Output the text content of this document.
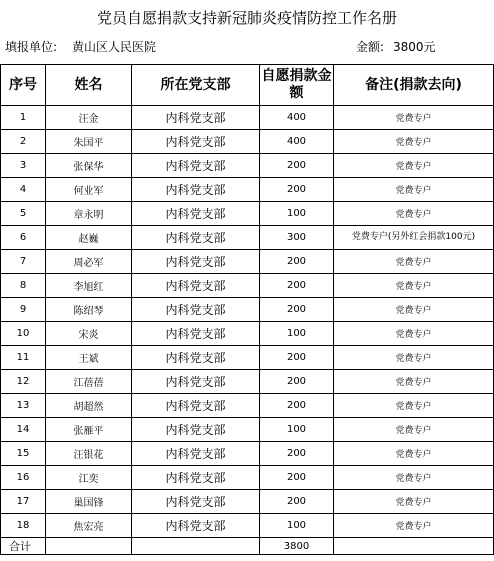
党员自愿捐款支持新冠肺炎疫情防控工作名册
填报单位: 黄山区人民医院	金额: 3800元
序号	姓名	所在党支部	自愿捐款金额	备注(捐款去向)
1	汪金	内科党支部	400	党费专户
2	朱国平	内科党支部	400	党费专户
3	张保华	内科党支部	200	党费专户
4	何业军	内科党支部	200	党费专户
5	章永明	内科党支部	100	党费专户
6	赵巍	内科党支部	300	党费专户(另外红会捐款100元)
7	周必军	内科党支部	200	党费专户
8	李旭红	内科党支部	200	党费专户
9	陈绍琴	内科党支部	200	党费专户
10	宋炎	内科党支部	100	党费专户
11	王斌	内科党支部	200	党费专户
12	江蓓蓓	内科党支部	200	党费专户
13	胡超然	内科党支部	200	党费专户
14	张雁平	内科党支部	100	党费专户
15	汪银花	内科党支部	200	党费专户
16	江奕	内科党支部	200	党费专户
17	巢国锋	内科党支部	200	党费专户
18	焦宏亮	内科党支部	100	党费专户
合计			3800	
